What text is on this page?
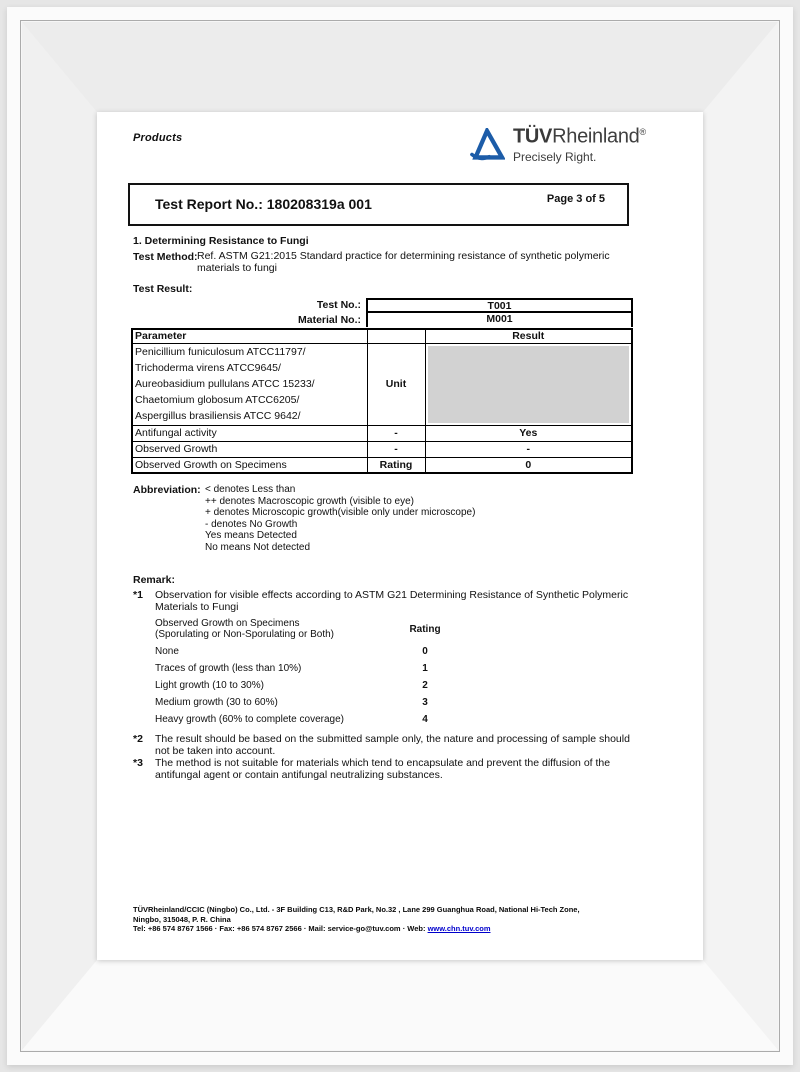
Products	TÜVRheinland®
Precisely Right.
Test Report No.: 180208319a 001	Page 3 of 5
1. Determining Resistance to Fungi
Test Method: Ref. ASTM G21:2015 Standard practice for determining resistance of synthetic polymeric materials to fungi
Test Result:
Test No.:	T001
Material No.:	M001
Parameter		Result

Penicillium funiculosum ATCC11797/
Trichoderma virens ATCC9645/
Aureobasidium pullulans ATCC 15233/
Chaetomium globosum ATCC6205/
Aspergillus brasiliensis ATCC 9642/	Unit	

Antifungal activity	-	Yes
Observed Growth	-	-
Observed Growth on Specimens	Rating	0
Abbreviation: < denotes Less than
++ denotes Macroscopic growth (visible to eye)
+ denotes Microscopic growth(visible only under microscope)
- denotes No Growth
Yes means Detected
No means Not detected
Remark:
*1	Observation for visible effects according to ASTM G21 Determining Resistance of Synthetic Polymeric Materials to Fungi
Observed Growth on Specimens
(Sporulating or Non-Sporulating or Both)	Rating
None	0
Traces of growth (less than 10%)	1
Light growth (10 to 30%)	2
Medium growth (30 to 60%)	3
Heavy growth (60% to complete coverage)	4
*2	The result should be based on the submitted sample only, the nature and processing of sample should not be taken into account.
*3	The method is not suitable for materials which tend to encapsulate and prevent the diffusion of the antifungal agent or contain antifungal neutralizing substances.
TÜVRheinland/CCIC (Ningbo) Co., Ltd. - 3F Building C13, R&D Park, No.32 , Lane 299 Guanghua Road, National Hi-Tech Zone,
Ningbo, 315048, P. R. China
Tel: +86 574 8767 1566 · Fax: +86 574 8767 2566 · Mail: service-go@tuv.com · Web: www.chn.tuv.com
